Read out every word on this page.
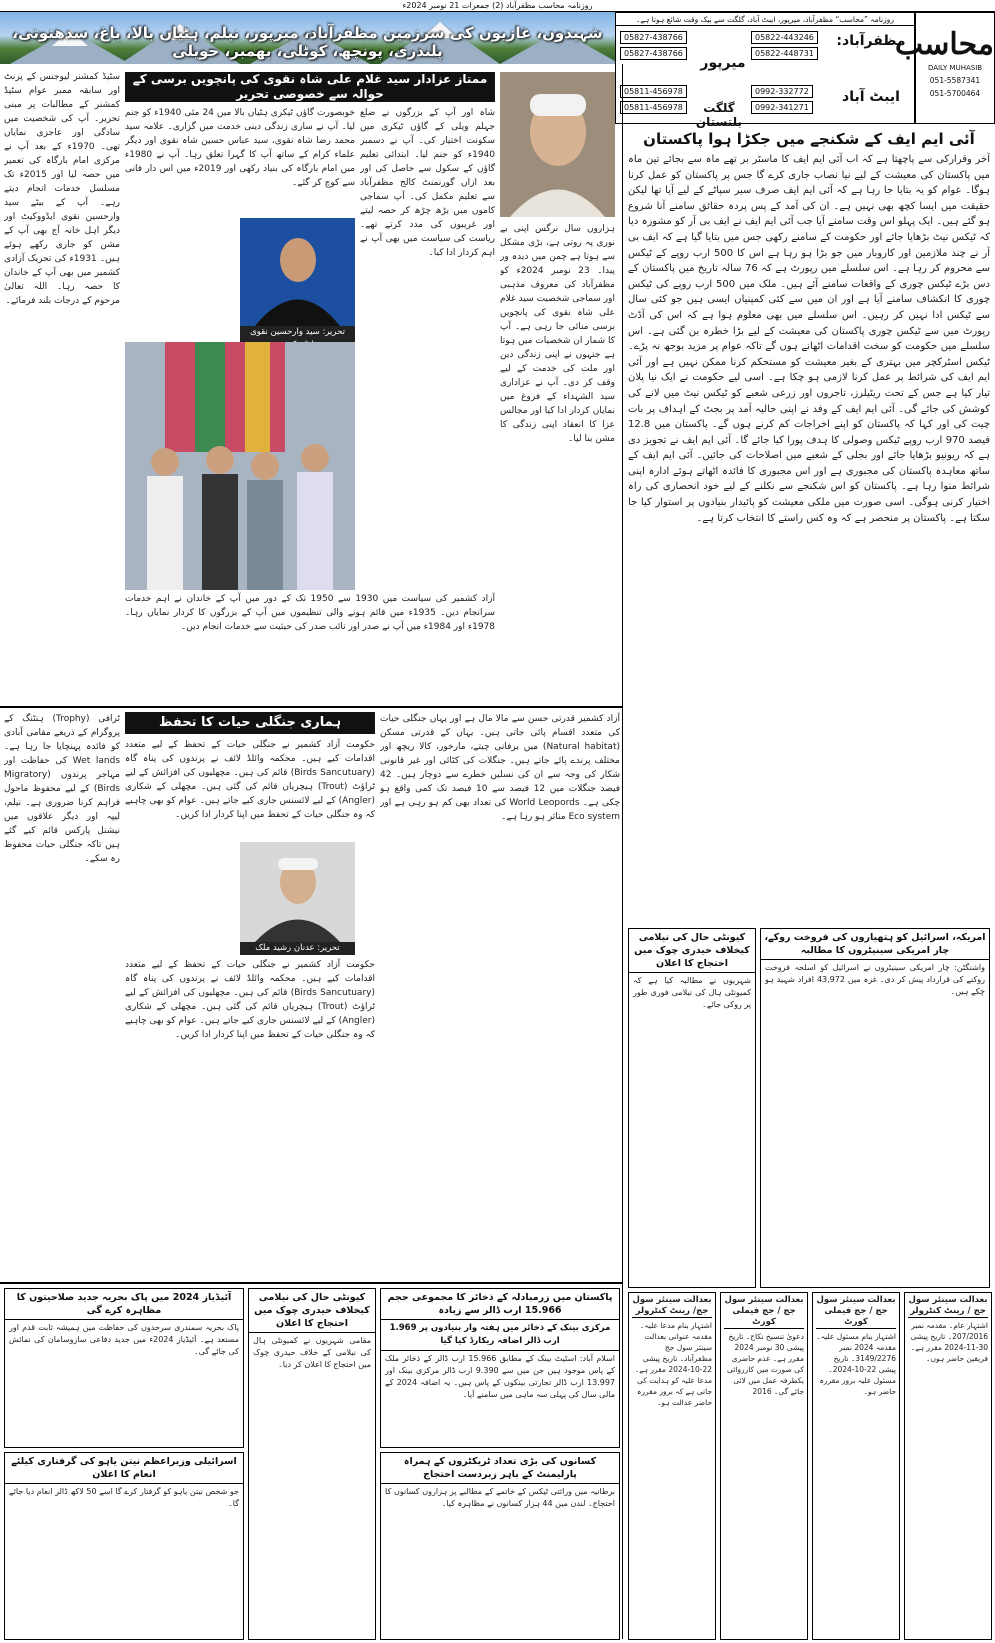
روزنامہ محاسب مظفرآباد (2) جمعرات 21 نومبر 2024ء
شہیدوں، غازیوں کی سرزمین مظفرآباد، میرپور، نیلم، ہٹیاں بالا، باغ، سدھنوتی، پلندری، پونچھ، کوٹلی، بھمبر، حویلی
روزنامہ ”محاسب“ مظفرآباد، میرپور، ایبٹ آباد، گلگت سے بیک وقت شائع ہوتا ہے۔
مظفرآباد:
05822-443246
05822-448731
میرپور
05827-438766
05827-438766
ایبٹ آباد
0992-332772
0992-341271
گلگت بلتستان
05811-456978
05811-456978
محاسب
DAILY MUHASIB
051-5587341
051-5700464
آئی ایم ایف کے شکنجے میں جکڑا ہوا پاکستان
آخر وقرارکی سے پاچھتا ہے کہ اب آئی ایم ایف کا ماسٹر بر تھے ماہ سے بجائے تین ماہ میں پاکستان کی معیشت کے لیے نیا نصاب جاری کرے گا جس پر پاکستان کو عمل کرنا ہوگا۔ عوام کو یہ بتایا جا رہا ہے کہ آئی ایم ایف صرف سیر سپاٹے کے لیے آیا تھا لیکن حقیقت میں ایسا کچھ بھی نہیں ہے۔ ان کی آمد کے پس پردہ حقائق سامنے آنا شروع ہو گئے ہیں۔ ایک پہلو اس وقت سامنے آیا جب آئی ایم ایف نے ایف بی آر کو مشورہ دیا کہ ٹیکس نیٹ بڑھایا جائے اور حکومت کے سامنے رکھی جس میں بتایا گیا ہے کہ ایف بی آر نے چند ملازمین اور کاروبار میں جو بڑا ہو رہا ہے اس کا 500 ارب روپے کے ٹیکس سے محروم کر رہا ہے۔ اس سلسلے میں رپورٹ ہے کہ 76 سالہ تاریخ میں پاکستان کے دس بڑے ٹیکس چوری کے واقعات سامنے آئے ہیں۔ ملک میں 500 ارب روپے کی ٹیکس چوری کا انکشاف سامنے آیا ہے اور ان میں سے کئی کمپنیاں ایسی ہیں جو کئی سال سے ٹیکس ادا نہیں کر رہیں۔ اس سلسلے میں بھی معلوم ہوا ہے کہ اس کی آڈٹ رپورٹ میں سے ٹیکس چوری پاکستان کی معیشت کے لیے بڑا خطرہ بن گئی ہے۔ اس سلسلے میں حکومت کو سخت اقدامات اٹھانے ہوں گے تاکہ عوام پر مزید بوجھ نہ پڑے۔ ٹیکس اسٹرکچر میں بہتری کے بغیر معیشت کو مستحکم کرنا ممکن نہیں ہے اور آئی ایم ایف کی شرائط پر عمل کرنا لازمی ہو چکا ہے۔ اسی لیے حکومت نے ایک نیا پلان تیار کیا ہے جس کے تحت ریٹیلرز، تاجروں اور زرعی شعبے کو ٹیکس نیٹ میں لانے کی کوشش کی جائے گی۔ آئی ایم ایف کے وفد نے اپنی حالیہ آمد پر بجٹ کے اہداف پر بات چیت کی اور کہا کہ پاکستان کو اپنے اخراجات کم کرنے ہوں گے۔ پاکستان میں 12.8 فیصد 970 ارب روپے ٹیکس وصولی کا ہدف پورا کیا جائے گا۔ آئی ایم ایف نے تجویز دی ہے کہ ریونیو بڑھایا جائے اور بجلی کے شعبے میں اصلاحات کی جائیں۔ آئی ایم ایف کے ساتھ معاہدہ پاکستان کی مجبوری ہے اور اس مجبوری کا فائدہ اٹھاتے ہوئے ادارہ اپنی شرائط منوا رہا ہے۔ پاکستان کو اس شکنجے سے نکلنے کے لیے خود انحصاری کی راہ اختیار کرنی ہوگی۔ اسی صورت میں ملکی معیشت کو پائیدار بنیادوں پر استوار کیا جا سکتا ہے۔ پاکستان پر منحصر ہے کہ وہ کس راستے کا انتخاب کرتا ہے۔
ممتاز عزادار سید غلام علی شاہ نقوی کی پانچویں برسی کے حوالہ سے خصوصی تحریر
ہزاروں سال نرگس اپنی بے نوری پہ روتی ہے، بڑی مشکل سے ہوتا ہے چمن میں دیدہ ور پیدا۔ 23 نومبر 2024ء کو مظفرآباد کی معروف مذہبی اور سماجی شخصیت سید غلام علی شاہ نقوی کی پانچویں برسی منائی جا رہی ہے۔ آپ کا شمار ان شخصیات میں ہوتا ہے جنہوں نے اپنی زندگی دین اور ملت کی خدمت کے لیے وقف کر دی۔ آپ نے عزاداری سید الشہداء کے فروغ میں نمایاں کردار ادا کیا اور مجالس عزا کا انعقاد اپنی زندگی کا مشن بنا لیا۔
شاہ اور آپ کے بزرگوں نے ضلع جہلم ویلی کے گاؤں ٹیکری میں سکونت اختیار کی۔ آپ نے دسمبر 1940ء کو جنم لیا۔ ابتدائی تعلیم گاؤں کے سکول سے حاصل کی اور بعد ازاں گورنمنٹ کالج مظفرآباد سے تعلیم مکمل کی۔ آپ سماجی کاموں میں بڑھ چڑھ کر حصہ لیتے اور غریبوں کی مدد کرتے تھے۔ ریاست کی سیاست میں بھی آپ نے اہم کردار ادا کیا۔
خوبصورت گاؤں ٹیکری ہٹیاں بالا میں 24 مئی 1940ء کو جنم لیا۔ آپ نے ساری زندگی دینی خدمت میں گزاری۔ علامہ سید محمد رضا شاہ نقوی، سید عباس حسین شاہ نقوی اور دیگر علماء کرام کے ساتھ آپ کا گہرا تعلق رہا۔ آپ نے 1980ء میں امام بارگاہ کی بنیاد رکھی اور 2019ء میں اس دار فانی سے کوچ کر گئے۔
تحریر: سید وارحسین نقوی
آزاد کشمیر کی سیاست میں 1930 سے 1950 تک کے دور میں آپ کے خاندان نے اہم خدمات سرانجام دیں۔ 1935ء میں قائم ہونے والی تنظیموں میں آپ کے بزرگوں کا کردار نمایاں رہا۔ 1978ء اور 1984ء میں آپ نے صدر اور نائب صدر کی حیثیت سے خدمات انجام دیں۔
سٹیڈ کمشنر لیوجنس کے پرنٹ اور سابقہ ممبر عوام سٹیڈ کمشنر کے مطالبات پر مبنی تحریر۔ آپ کی شخصیت میں سادگی اور عاجزی نمایاں تھی۔ 1970ء کے بعد آپ نے مرکزی امام بارگاہ کی تعمیر میں حصہ لیا اور 2015ء تک مسلسل خدمات انجام دیتے رہے۔ آپ کے بیٹے سید وارحسین نقوی ایڈووکیٹ اور دیگر اہل خانہ آج بھی آپ کے مشن کو جاری رکھے ہوئے ہیں۔ 1931ء کی تحریک آزادی کشمیر میں بھی آپ کے خاندان کا حصہ رہا۔ اللہ تعالیٰ مرحوم کے درجات بلند فرمائے۔
ہماری جنگلی حیات کا تحفظ	آزاد کشمیر قدرتی حسن سے مالا مال ہے اور یہاں جنگلی حیات کی متعدد اقسام پائی جاتی ہیں۔ یہاں کے قدرتی مسکن (Natural habitat) میں برفانی چیتے، مارخور، کالا ریچھ اور مختلف پرندے پائے جاتے ہیں۔ جنگلات کی کٹائی اور غیر قانونی شکار کی وجہ سے ان کی نسلیں خطرے سے دوچار ہیں۔ 42 فیصد جنگلات میں 12 فیصد سے 10 فیصد تک کمی واقع ہو چکی ہے۔ World Leopords کی تعداد بھی کم ہو رہی ہے اور Eco system متاثر ہو رہا ہے۔
حکومت آزاد کشمیر نے جنگلی حیات کے تحفظ کے لیے متعدد اقدامات کیے ہیں۔ محکمہ وائلڈ لائف نے پرندوں کی پناہ گاہ (Birds Sancutuary) قائم کی ہیں۔ مچھلیوں کی افزائش کے لیے ٹراؤٹ (Trout) ہیچریاں قائم کی گئی ہیں۔ مچھلی کے شکاری (Angler) کے لیے لائسنس جاری کیے جاتے ہیں۔ عوام کو بھی چاہیے کہ وہ جنگلی حیات کے تحفظ میں اپنا کردار ادا کریں۔
تحریر: عدنان رشید ملک
حکومت آزاد کشمیر نے جنگلی حیات کے تحفظ کے لیے متعدد اقدامات کیے ہیں۔ محکمہ وائلڈ لائف نے پرندوں کی پناہ گاہ (Birds Sancutuary) قائم کی ہیں۔ مچھلیوں کی افزائش کے لیے ٹراؤٹ (Trout) ہیچریاں قائم کی گئی ہیں۔ مچھلی کے شکاری (Angler) کے لیے لائسنس جاری کیے جاتے ہیں۔ عوام کو بھی چاہیے کہ وہ جنگلی حیات کے تحفظ میں اپنا کردار ادا کریں۔
ٹرافی (Trophy) ہنٹنگ کے پروگرام کے ذریعے مقامی آبادی کو فائدہ پہنچایا جا رہا ہے۔ Wet lands کی حفاظت اور مہاجر پرندوں (Migratory Birds) کے لیے محفوظ ماحول فراہم کرنا ضروری ہے۔ نیلم، لیپہ اور دیگر علاقوں میں نیشنل پارکس قائم کیے گئے ہیں تاکہ جنگلی حیات محفوظ رہ سکے۔
پاکستان میں زرمبادلہ کے ذخائر کا مجموعی حجم 15.966 ارب ڈالر سے زیادہ
مرکزی بینک کے ذخائر میں ہفتہ وار بنیادوں پر 1.969 ارب ڈالر اضافہ ریکارڈ کیا گیا
اسلام آباد: اسٹیٹ بینک کے مطابق 15.966 ارب ڈالر کے ذخائر ملک کے پاس موجود ہیں جن میں سے 9.390 ارب ڈالر مرکزی بینک اور 13.997 ارب ڈالر تجارتی بینکوں کے پاس ہیں۔ یہ اضافہ 2024 کے مالی سال کی پہلی سہ ماہی میں سامنے آیا۔
کسانوں کی بڑی تعداد ٹریکٹروں کے ہمراہ پارلیمنٹ کے باہر زبردست احتجاج
برطانیہ میں وراثتی ٹیکس کے خاتمے کے مطالبے پر ہزاروں کسانوں کا احتجاج۔ لندن میں 44 ہزار کسانوں نے مظاہرہ کیا۔
کیونٹی حال کی نیلامی کیخلاف حیدری چوک میں احتجاج کا اعلان
مقامی شہریوں نے کمیونٹی ہال کی نیلامی کے خلاف حیدری چوک میں احتجاج کا اعلان کر دیا۔
آئیڈیاز 2024 میں پاک بحریہ جدید صلاحیتوں کا مظاہرہ کرے گی
پاک بحریہ سمندری سرحدوں کی حفاظت میں ہمیشہ ثابت قدم اور مستعد ہے۔ آئیڈیاز 2024ء میں جدید دفاعی سازوسامان کی نمائش کی جائے گی۔
اسرائیلی وزیراعظم نیتن یاہو کی گرفتاری کیلئے انعام کا اعلان
جو شخص نیتن یاہو کو گرفتار کرے گا اسے 50 لاکھ ڈالر انعام دیا جائے گا۔
امریکہ، اسرائیل کو ہتھیاروں کی فروخت روکے، چار امریکی سینیٹروں کا مطالبہ
واشنگٹن: چار امریکی سینیٹروں نے اسرائیل کو اسلحہ فروخت روکنے کی قرارداد پیش کر دی۔ غزہ میں 43,972 افراد شہید ہو چکے ہیں۔
کیونٹی حال کی نیلامی کیخلاف حیدری چوک میں احتجاج کا اعلان
شہریوں نے مطالبہ کیا ہے کہ کمیونٹی ہال کی نیلامی فوری طور پر روکی جائے۔
بعدالت سینئر سول جج/ رینٹ کنٹرولر
اشتہار بنام مدعا علیہ۔ مقدمہ عنوانی بعدالت سینئر سول جج مظفرآباد۔ تاریخ پیشی 22-10-2024 مقرر ہے۔ مدعا علیہ کو ہدایت کی جاتی ہے کہ بروز مقررہ حاضر عدالت ہو۔
بعدالت سینئر سول جج / جج فیملی کورٹ
دعویٰ تنسیخ نکاح۔ تاریخ پیشی 30 نومبر 2024 مقرر ہے۔ عدم حاضری کی صورت میں کارروائی یکطرفہ عمل میں لائی جائے گی۔ 2016
بعدالت سینئر سول جج / جج فیملی کورٹ
اشتہار بنام مسئول علیہ۔ مقدمہ 2024 نمبر 3149/2276۔ تاریخ پیشی 22-10-2024۔ مسئول علیہ بروز مقررہ حاضر ہو۔
بعدالت سینئر سول جج / رینٹ کنٹرولر
اشتہار عام۔ مقدمہ نمبر 207/2016۔ تاریخ پیشی 30-11-2024 مقرر ہے۔ فریقین حاضر ہوں۔
